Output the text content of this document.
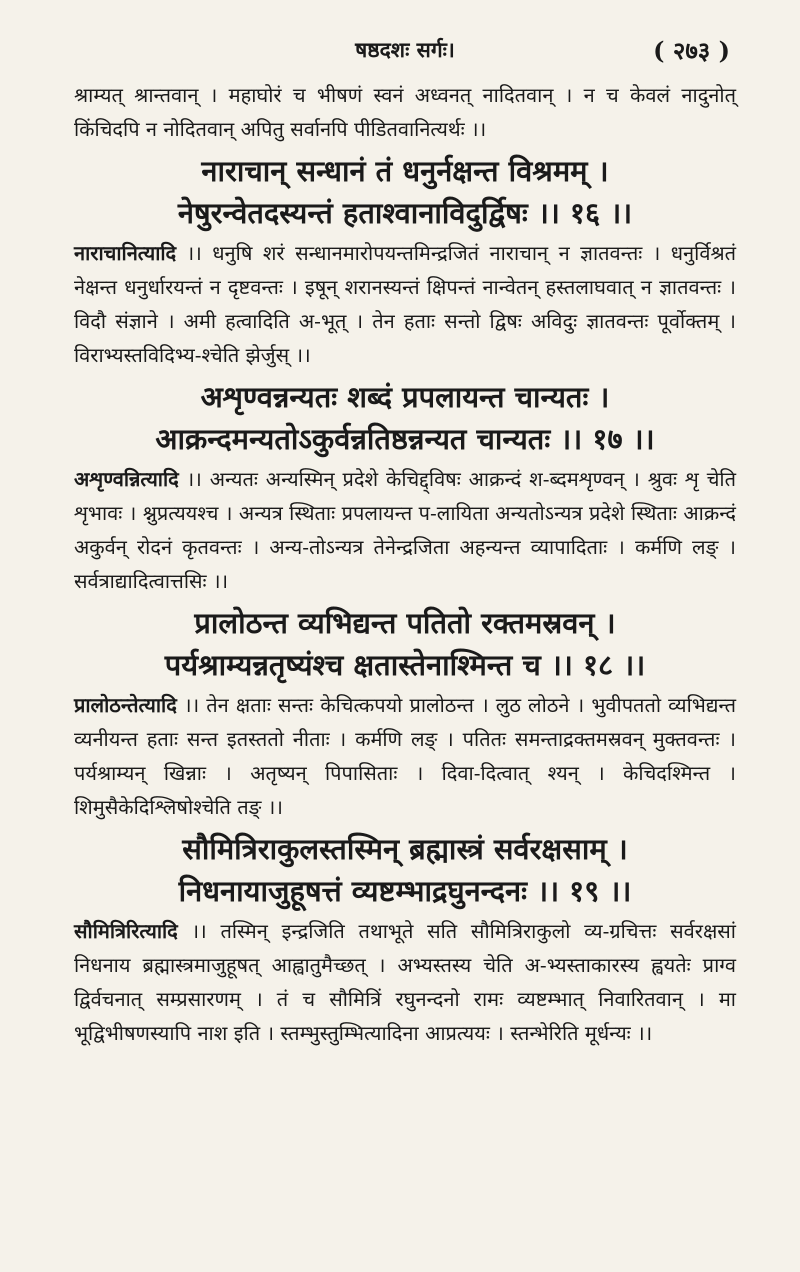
षष्ठदशः सर्गः।	( २७३ )

श्राम्यत् श्रान्तवान् । महाघोरं च भीषणं स्वनं अध्वनत् नादितवान् । न च केवलं नादुनोत् किंचिदपि न नोदितवान् अपितु सर्वानपि पीडितवानित्यर्थः ।।

नाराचान् सन्धानं तं धनुर्नक्षन्त विश्रमम् ।
नेषुरन्वेतदस्यन्तं हताश्वानाविदुर्द्विषः ।। १६ ।।

नाराचानित्यादि ।। धनुषि शरं सन्धानमारोपयन्तमिन्द्रजितं नाराचान् न ज्ञातवन्तः । धनुर्विश्रतं नेक्षन्त धनुर्धारयन्तं न दृष्टवन्तः । इषून् शरानस्यन्तं क्षिपन्तं नान्वेतन् हस्तलाघवात् न ज्ञातवन्तः । विदौ संज्ञाने । अमी हत्वादिति अ-भूत् । तेन हताः सन्तो द्विषः अविदुः ज्ञातवन्तः पूर्वोक्तम् । विराभ्यस्तविदिभ्य-श्चेति झेर्जुस् ।।

अशृण्वन्नन्यतः शब्दं प्रपलायन्त चान्यतः ।
आक्रन्दमन्यतोऽकुर्वन्नतिष्ठन्नन्यत चान्यतः ।। १७ ।।

अशृण्वन्नित्यादि ।। अन्यतः अन्यस्मिन् प्रदेशे केचिद्द्विषः आक्रन्दं श-ब्दमशृण्वन् । श्रुवः शृ चेति शृभावः । श्नुप्रत्ययश्च । अन्यत्र स्थिताः प्रपलायन्त प-लायिता अन्यतोऽन्यत्र प्रदेशे स्थिताः आक्रन्दं अकुर्वन् रोदनं कृतवन्तः । अन्य-तोऽन्यत्र तेनेन्द्रजिता अहन्यन्त व्यापादिताः । कर्मणि लङ् । सर्वत्राद्यादित्वात्तसिः ।।

प्रालोठन्त व्यभिद्यन्त पतितो रक्तमस्रवन् ।
पर्यश्राम्यन्नतृष्यंश्च क्षतास्तेनाश्मिन्त च ।। १८ ।।

प्रालोठन्तेत्यादि ।। तेन क्षताः सन्तः केचित्कपयो प्रालोठन्त । लुठ लोठने । भुवीपततो व्यभिद्यन्त व्यनीयन्त हताः सन्त इतस्ततो नीताः । कर्मणि लङ् । पतितः समन्ताद्रक्तमस्रवन् मुक्तवन्तः । पर्यश्राम्यन् खिन्नाः । अतृष्यन् पिपासिताः । दिवा-दित्वात् श्यन् । केचिदश्मिन्त । शिमुसैकेदिश्लिषोश्चेति तङ् ।।

सौमित्रिराकुलस्तस्मिन् ब्रह्मास्त्रं सर्वरक्षसाम् ।
निधनायाजुहूषत्तं व्यष्टम्भाद्रघुनन्दनः ।। १९ ।।

सौमित्रिरित्यादि ।। तस्मिन् इन्द्रजिति तथाभूते सति सौमित्रिराकुलो व्य-ग्रचित्तः सर्वरक्षसां निधनाय ब्रह्मास्त्रमाजुहूषत् आह्वातुमैच्छत् । अभ्यस्तस्य चेति अ-भ्यस्ताकारस्य ह्वयतेः प्राग्व द्विर्वचनात् सम्प्रसारणम् । तं च सौमित्रिं रघुनन्दनो रामः व्यष्टम्भात् निवारितवान् । मा भूद्विभीषणस्यापि नाश इति । स्तम्भुस्तुम्भित्यादिना आप्रत्ययः । स्तन्भेरिति मूर्धन्यः ।।
